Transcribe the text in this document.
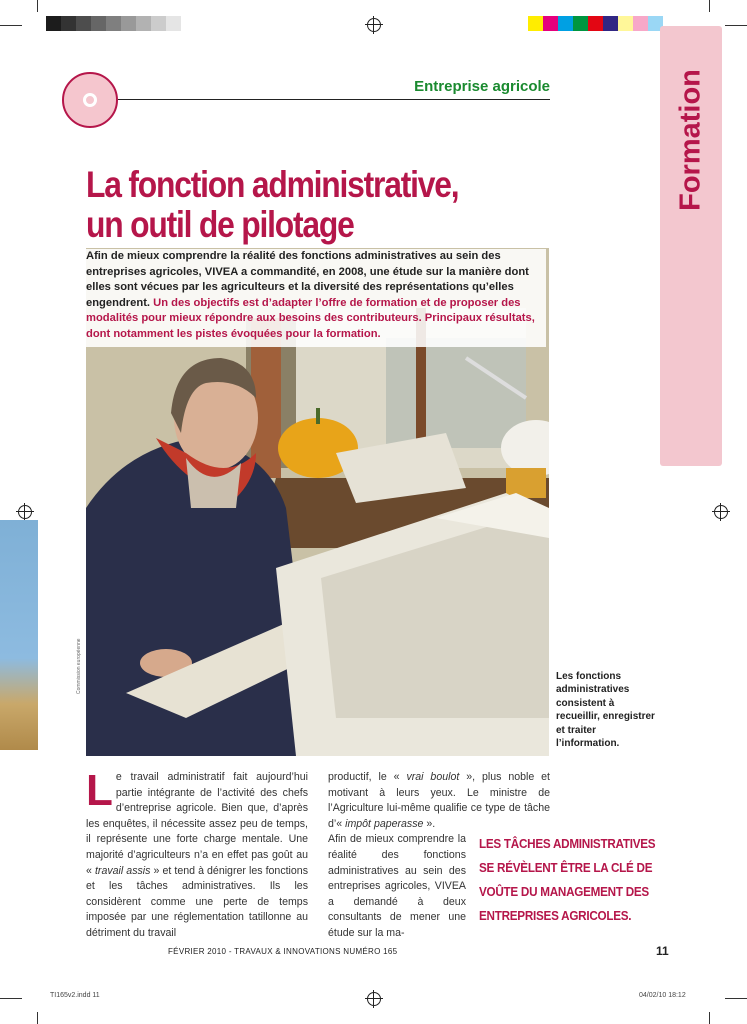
Formation
Entreprise agricole
La fonction administrative,
un outil de pilotage
Commission européenne
Afin de mieux comprendre la réalité des fonctions administratives au sein des entreprises agricoles, VIVEA a commandité, en 2008, une étude sur la manière dont elles sont vécues par les agriculteurs et la diversité des représentations qu’elles engendrent. Un des objectifs est d’adapter l’offre de formation et de proposer des modalités pour mieux répondre aux besoins des contributeurs. Principaux résultats, dont notamment les pistes évoquées pour la formation.
Les fonctions administratives consistent à recueillir, enregistrer et traiter l’information.

Le travail administratif fait aujourd’hui partie intégrante de l’activité des chefs d’entreprise agricole. Bien que, d’après les enquêtes, il nécessite assez peu de temps, il représente une forte charge mentale. Une majorité d’agriculteurs n’a en effet pas goût au « travail assis » et tend à dénigrer les fonctions et les tâches administratives. Ils les considèrent comme une perte de temps imposée par une réglementation tatillonne au détriment du travail

productif, le « vrai boulot », plus noble et motivant à leurs yeux. Le ministre de l’Agriculture lui-même qualifie ce type de tâche d’« impôt paperasse ».

Afin de mieux comprendre la réalité des fonctions administratives au sein des entreprises agricoles, VIVEA a demandé à deux consultants de mener une étude sur la ma-

LES TÂCHES ADMINISTRATIVES SE RÉVÈLENT ÊTRE LA CLÉ DE VOÛTE DU MANAGEMENT DES ENTREPRISES AGRICOLES.
FÉVRIER 2010 - TRAVAUX & INNOVATIONS NUMÉRO 165	11
TI165v2.indd 11	04/02/10 18:12
